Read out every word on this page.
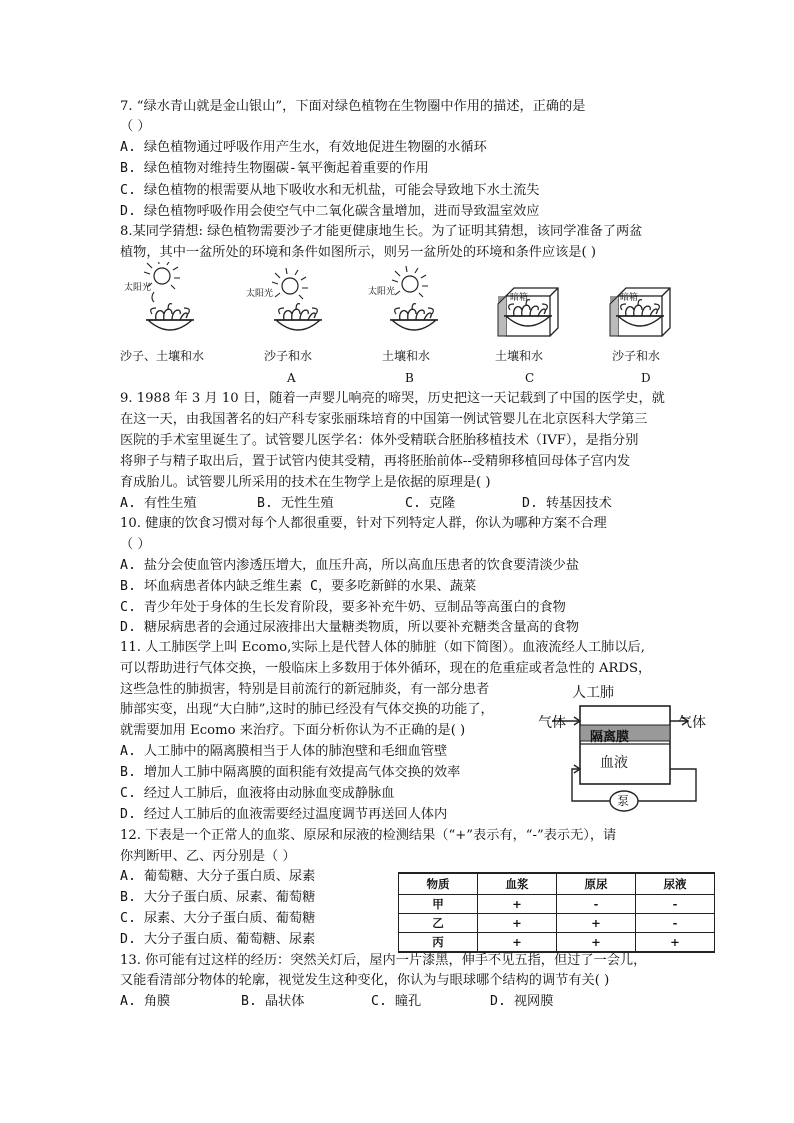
7. “绿水青山就是金山银山”，下面对绿色植物在生物圈中作用的描述，正确的是
（ ）
A. 绿色植物通过呼吸作用产生水，有效地促进生物圈的水循环
B. 绿色植物对维持生物圈碳-氧平衡起着重要的作用
C. 绿色植物的根需要从地下吸收水和无机盐，可能会导致地下水土流失
D. 绿色植物呼吸作用会使空气中二氧化碳含量增加，进而导致温室效应
8.某同学猜想: 绿色植物需要沙子才能更健康地生长。为了证明其猜想，该同学准备了两盆
植物，其中一盆所处的环境和条件如图所示，则另一盆所处的环境和条件应该是( )
太阳光
太阳光	太阳光
暗箱	暗箱
沙子、土壤和水	沙子和水	土壤和水	土壤和水	沙子和水
A	B	C	D
9. 1988 年 3 月 10 日，随着一声婴儿响亮的啼哭，历史把这一天记载到了中国的医学史，就
在这一天，由我国著名的妇产科专家张丽珠培育的中国第一例试管婴儿在北京医科大学第三
医院的手术室里诞生了。试管婴儿医学名：体外受精联合胚胎移植技术（IVF），是指分别
将卵子与精子取出后，置于试管内使其受精，再将胚胎前体--受精卵移植回母体子宫内发
育成胎儿。试管婴儿所采用的技术在生物学上是依据的原理是( )
A. 有性生殖	B. 无性生殖	C. 克隆	D. 转基因技术
10. 健康的饮食习惯对每个人都很重要，针对下列特定人群，你认为哪种方案不合理
（ ）
A. 盐分会使血管内渗透压增大，血压升高，所以高血压患者的饮食要清淡少盐
B. 坏血病患者体内缺乏维生素 C，要多吃新鲜的水果、蔬菜
C. 青少年处于身体的生长发育阶段，要多补充牛奶、豆制品等高蛋白的食物
D. 糖尿病患者的会通过尿液排出大量糖类物质，所以要补充糖类含量高的食物
11. 人工肺医学上叫 Ecomo,实际上是代替人体的肺脏（如下简图）。血液流经人工肺以后,
可以帮助进行气体交换，一般临床上多数用于体外循环，现在的危重症或者急性的 ARDS，
这些急性的肺损害，特别是目前流行的新冠肺炎，有一部分患者
肺部实变，出现“大白肺”,这时的肺已经没有气体交换的功能了，
就需要加用 Ecomo 来治疗。下面分析你认为不正确的是( )
A. 人工肺中的隔离膜相当于人体的肺泡壁和毛细血管壁
B. 增加人工肺中隔离膜的面积能有效提高气体交换的效率
C. 经过人工肺后，血液将由动脉血变成静脉血
D. 经过人工肺后的血液需要经过温度调节再送回人体内
人工肺
气体	气体
隔离膜
血液
泵
12. 下表是一个正常人的血浆、原尿和尿液的检测结果（“+”表示有，“-”表示无），请
你判断甲、乙、丙分别是（ ）
A. 葡萄糖、大分子蛋白质、尿素
B. 大分子蛋白质、尿素、葡萄糖
C. 尿素、大分子蛋白质、葡萄糖
D. 大分子蛋白质、葡萄糖、尿素
物质	血浆	原尿	尿液
甲	+	-	-
乙	+	+	-
丙	+	+	+
13. 你可能有过这样的经历：突然关灯后，屋内一片漆黑，伸手不见五指，但过了一会儿，
又能看清部分物体的轮廓，视觉发生这种变化，你认为与眼球哪个结构的调节有关( )
A. 角膜	B. 晶状体	C. 瞳孔	D. 视网膜
